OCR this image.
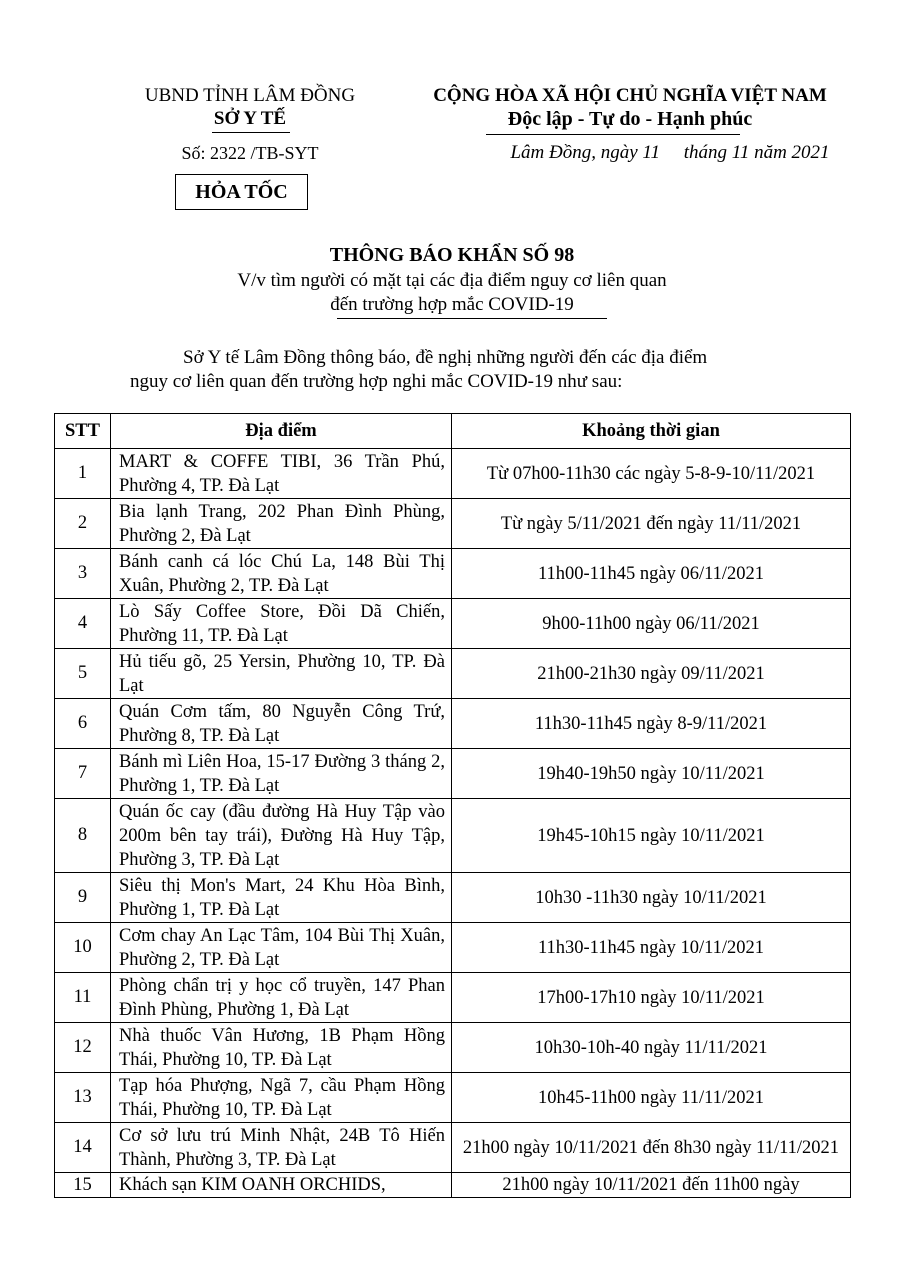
UBND TỈNH LÂM ĐỒNG
SỞ Y TẾ
Số: 2322 /TB-SYT
CỘNG HÒA XÃ HỘI CHỦ NGHĨA VIỆT NAM
Độc lập - Tự do - Hạnh phúc
Lâm Đồng, ngày 11     tháng 11 năm 2021
HỎA TỐC
THÔNG BÁO KHẨN SỐ 98
V/v tìm người có mặt tại các địa điểm nguy cơ liên quan
đến trường hợp mắc COVID-19
Sở Y tế Lâm Đồng thông báo, đề nghị những người đến các địa điểm
nguy cơ liên quan đến trường hợp nghi mắc COVID-19 như sau:
STT	Địa điểm	Khoảng thời gian
1	MART & COFFE TIBI, 36 Trần Phú, Phường 4, TP. Đà Lạt	Từ 07h00-11h30 các ngày 5-8-9-10/11/2021
2	Bia lạnh Trang, 202 Phan Đình Phùng, Phường 2, Đà Lạt	Từ ngày 5/11/2021 đến ngày 11/11/2021
3	Bánh canh cá lóc Chú La, 148 Bùi Thị Xuân, Phường 2, TP. Đà Lạt	11h00-11h45 ngày 06/11/2021
4	Lò Sấy Coffee Store, Đồi Dã Chiến, Phường 11, TP. Đà Lạt	9h00-11h00 ngày 06/11/2021
5	Hủ tiếu gõ, 25 Yersin, Phường 10, TP. Đà Lạt	21h00-21h30 ngày 09/11/2021
6	Quán Cơm tấm, 80 Nguyễn Công Trứ, Phường 8, TP. Đà Lạt	11h30-11h45 ngày 8-9/11/2021
7	Bánh mì Liên Hoa, 15-17 Đường 3 tháng 2, Phường 1, TP. Đà Lạt	19h40-19h50 ngày 10/11/2021
8	Quán ốc cay (đầu đường Hà Huy Tập vào 200m bên tay trái), Đường Hà Huy Tập, Phường 3, TP. Đà Lạt	19h45-10h15 ngày 10/11/2021
9	Siêu thị Mon's Mart, 24 Khu Hòa Bình, Phường 1, TP. Đà Lạt	10h30 -11h30 ngày 10/11/2021
10	Cơm chay An Lạc Tâm, 104 Bùi Thị Xuân, Phường 2, TP. Đà Lạt	11h30-11h45 ngày 10/11/2021
11	Phòng chẩn trị y học cổ truyền, 147 Phan Đình Phùng, Phường 1, Đà Lạt	17h00-17h10 ngày 10/11/2021
12	Nhà thuốc Vân Hương, 1B Phạm Hồng Thái, Phường 10, TP. Đà Lạt	10h30-10h-40 ngày 11/11/2021
13	Tạp hóa Phượng, Ngã 7, cầu Phạm Hồng Thái, Phường 10, TP. Đà Lạt	10h45-11h00 ngày 11/11/2021
14	Cơ sở lưu trú Minh Nhật, 24B Tô Hiến Thành, Phường 3, TP. Đà Lạt	21h00 ngày 10/11/2021 đến 8h30 ngày 11/11/2021
15	Khách sạn KIM OANH ORCHIDS,	21h00 ngày 10/11/2021 đến 11h00 ngày
